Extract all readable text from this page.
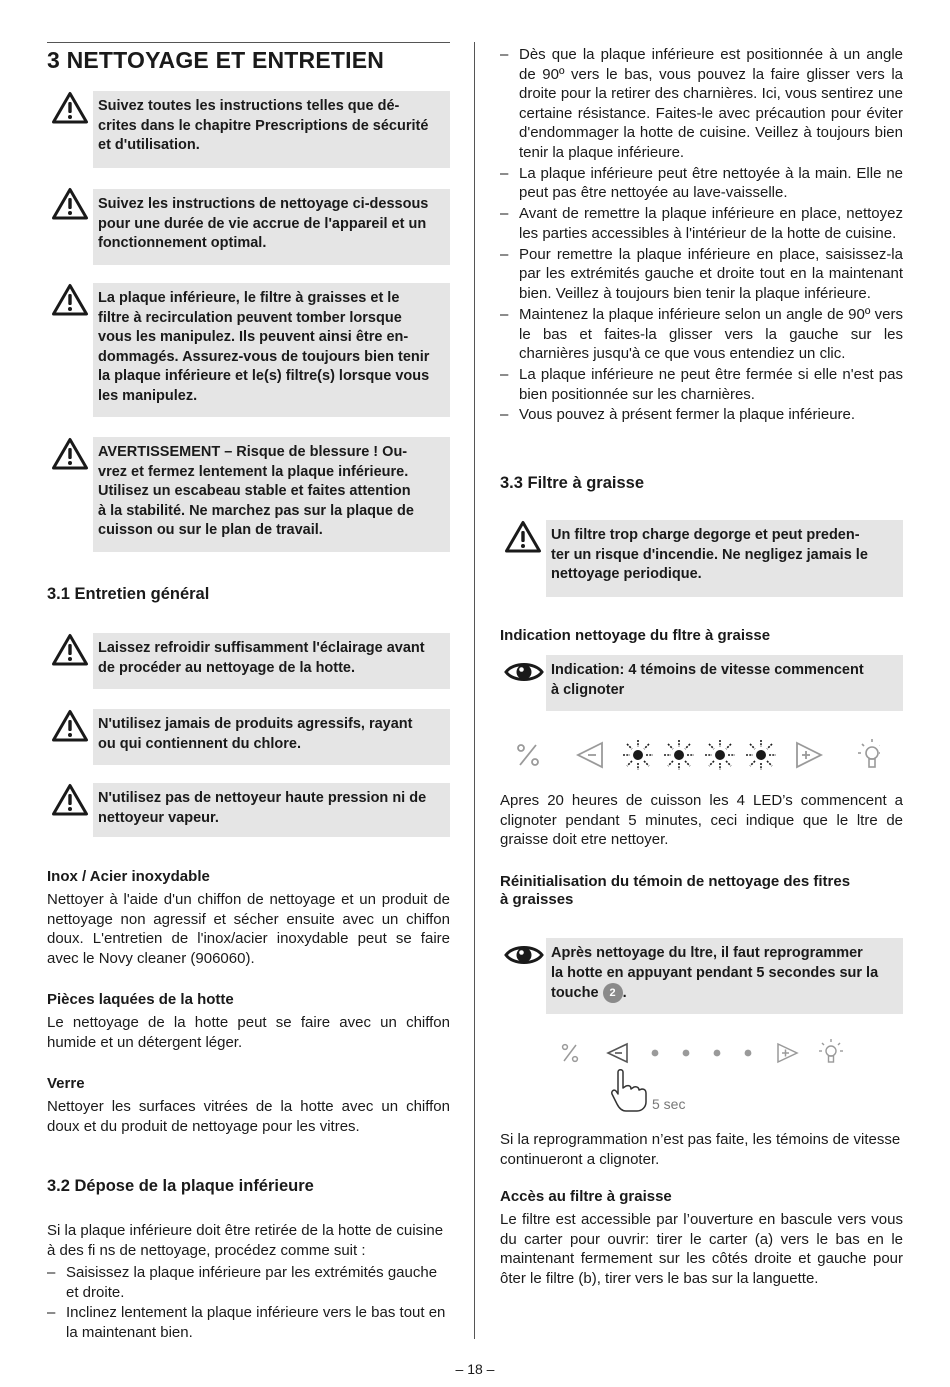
3 NETTOYAGE ET ENTRETIEN
Suivez toutes les instructions telles que dé-
crites dans le chapitre Prescriptions de sécurité
et d'utilisation.
Suivez les instructions de nettoyage ci-dessous
pour une durée de vie accrue de l'appareil et un
fonctionnement optimal.
La plaque inférieure, le filtre à graisses et le
filtre à recirculation peuvent tomber lorsque
vous les manipulez. Ils peuvent ainsi être en-
dommagés. Assurez-vous de toujours bien tenir
la plaque inférieure et le(s) filtre(s) lorsque vous
les manipulez.
AVERTISSEMENT – Risque de blessure ! Ou-
vrez et fermez lentement la plaque inférieure.
Utilisez un escabeau stable et faites attention
à la stabilité. Ne marchez pas sur la plaque de
cuisson ou sur le plan de travail.
3.1 Entretien général
Laissez refroidir suffisamment l'éclairage avant
de procéder au nettoyage de la hotte.
N'utilisez jamais de produits agressifs, rayant
ou qui contiennent du chlore.
N'utilisez pas de nettoyeur haute pression ni de
nettoyeur vapeur.
Inox / Acier inoxydable
Nettoyer à l'aide d'un chiffon de nettoyage et un produit de nettoyage non agressif et sécher ensuite avec un chiffon doux. L'entretien de l'inox/acier inoxydable peut se faire avec le Novy cleaner (906060).
Pièces laquées de la hotte
Le nettoyage de la hotte peut se faire avec un chiffon humide et un détergent léger.
Verre
Nettoyer les surfaces vitrées de la hotte avec un chiffon doux et du produit de nettoyage pour les vitres.
3.2 Dépose de la plaque inférieure
Si la plaque inférieure doit être retirée de la hotte de cuisine à des fi ns de nettoyage, procédez comme suit :
– Saisissez la plaque inférieure par les extrémités gauche et droite.
– Inclinez lentement la plaque inférieure vers le bas tout en la maintenant bien.
– Dès que la plaque inférieure est positionnée à un angle de 90º vers le bas, vous pouvez la faire glisser vers la droite pour la retirer des charnières. Ici, vous sentirez une certaine résistance. Faites-le avec précaution pour éviter d'endommager la hotte de cuisine. Veillez à toujours bien tenir la plaque inférieure.
– La plaque inférieure peut être nettoyée à la main. Elle ne peut pas être nettoyée au lave-vaisselle.
– Avant de remettre la plaque inférieure en place, nettoyez les parties accessibles à l'intérieur de la hotte de cuisine.
– Pour remettre la plaque inférieure en place, saisissez-la par les extrémités gauche et droite tout en la maintenant bien. Veillez à toujours bien tenir la plaque inférieure.
– Maintenez la plaque inférieure selon un angle de 90º vers le bas et faites-la glisser vers la gauche sur les charnières jusqu'à ce que vous entendiez un clic.
– La plaque inférieure ne peut être fermée si elle n'est pas bien positionnée sur les charnières.
– Vous pouvez à présent fermer la plaque inférieure.
3.3 Filtre à graisse
Un filtre trop charge degorge et peut preden-
ter un risque d'incendie. Ne negligez jamais le
nettoyage periodique.
Indication nettoyage du fltre à graisse
Indication: 4 témoins de vitesse commencent
à clignoter
Apres 20 heures de cuisson les 4 LED’s commencent a clignoter pendant 5 minutes, ceci indique que le ltre de graisse doit etre nettoyer.
Réinitialisation du témoin de nettoyage des fitres
à graisses
Après nettoyage du ltre, il faut reprogrammer
la hotte en appuyant pendant 5 secondes sur la
touche 2 .
5 sec
Si la reprogrammation n’est pas faite, les témoins de vitesse continueront a clignoter.
Accès au filtre à graisse
Le filtre est accessible par l’ouverture en bascule vers vous du carter pour ouvrir: tirer le carter (a) vers le bas en le maintenant fermement sur les côtés droite et gauche pour ôter le filtre (b), tirer vers le bas sur la languette.
– 18 –
